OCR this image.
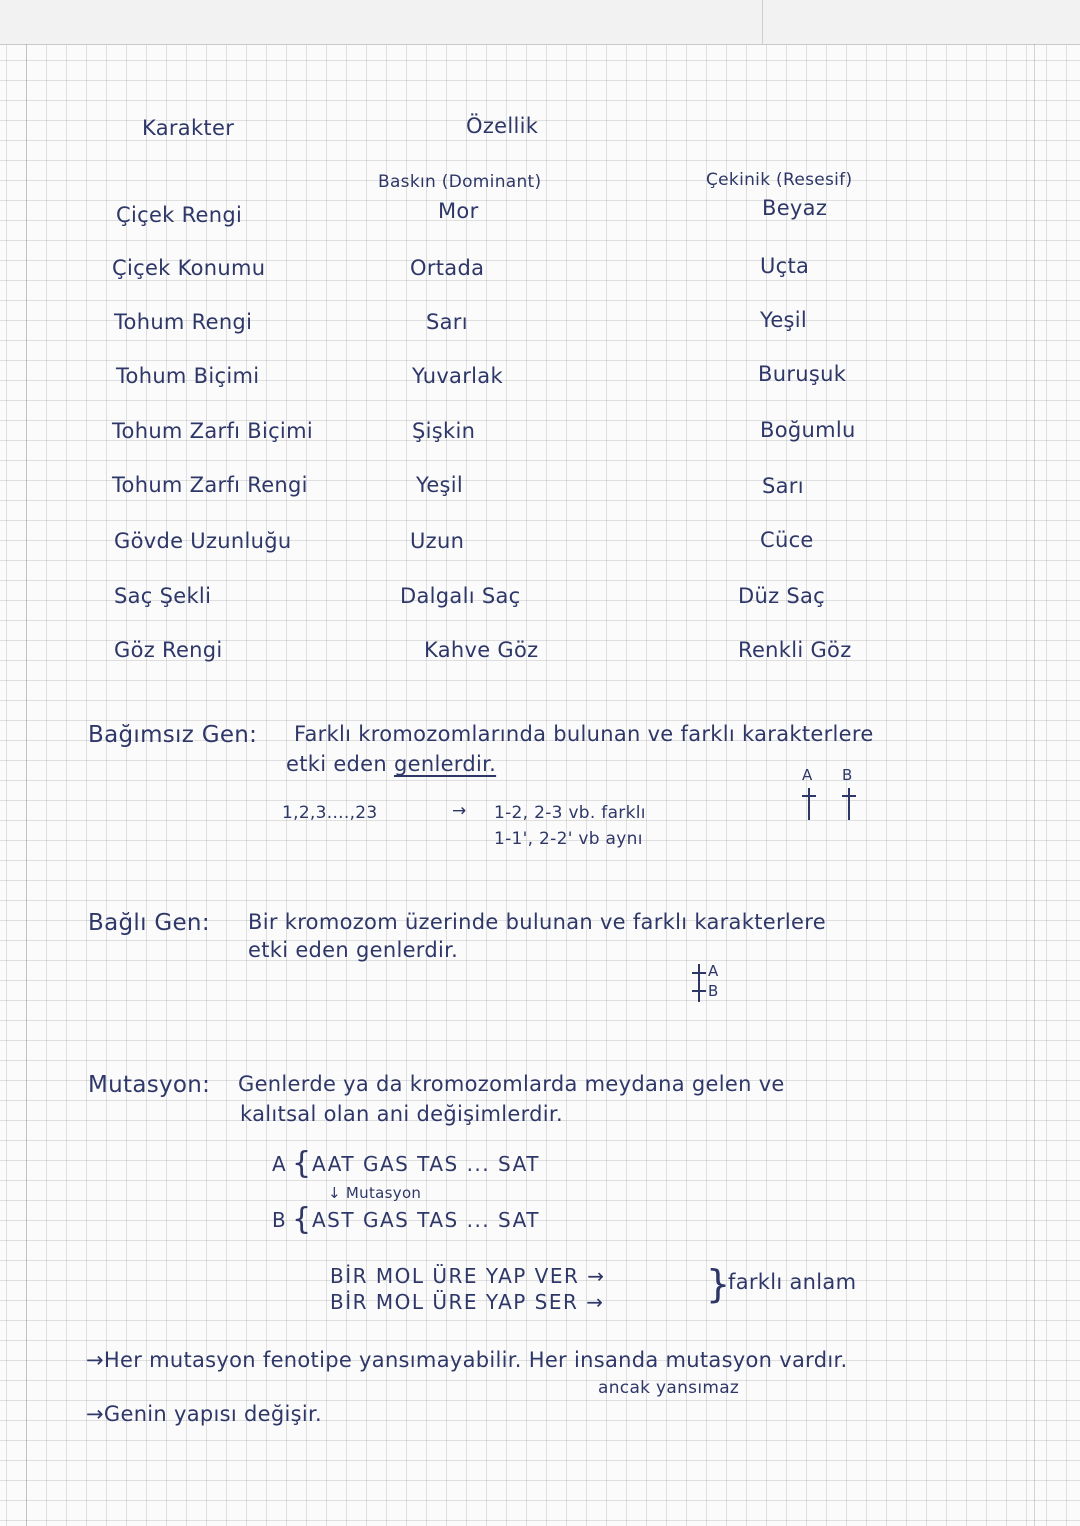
Karakter	Özellik
Baskın (Dominant)	Çekinik (Resesif)
Çiçek Rengi	Mor	Beyaz
Çiçek Konumu	Ortada	Uçta
Tohum Rengi	Sarı	Yeşil
Tohum Biçimi	Yuvarlak	Buruşuk
Tohum Zarfı Biçimi	Şişkin	Boğumlu
Tohum Zarfı Rengi	Yeşil	Sarı
Gövde Uzunluğu	Uzun	Cüce
Saç Şekli	Dalgalı Saç	Düz Saç
Göz Rengi	Kahve Göz	Renkli Göz
Bağımsız Gen: Farklı kromozomlarında bulunan ve farklı karakterlere
etki eden genlerdir.
1,2,3....,23	→ 1-2, 2-3 vb. farklı
1-1', 2-2' vb aynı
A B
Bağlı Gen: Bir kromozom üzerinde bulunan ve farklı karakterlere
etki eden genlerdir.
A
B
Mutasyon: Genlerde ya da kromozomlarda meydana gelen ve
kalıtsal olan ani değişimlerdir.
A { AAT GAS TAS ... SAT
↓ Mutasyon
B { AST GAS TAS ... SAT
BİR MOL ÜRE YAP VER →
BİR MOL ÜRE YAP SER →	}
farklı anlam
→Her mutasyon fenotipe yansımayabilir. Her insanda mutasyon vardır.
ancak yansımaz
→Genin yapısı değişir.
